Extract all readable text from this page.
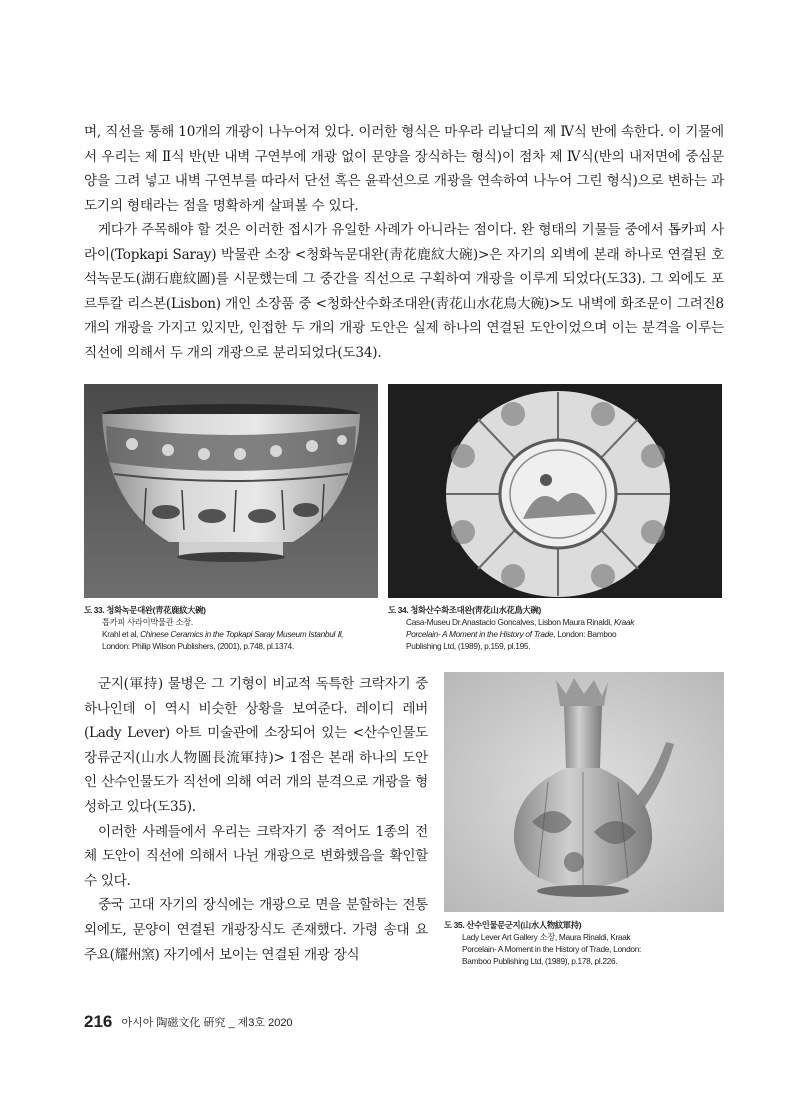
며, 직선을 통해 10개의 개광이 나누어져 있다. 이러한 형식은 마우라 리날디의 제 Ⅳ식 반에 속한다. 이 기물에서 우리는 제 Ⅱ식 반(반 내벽 구연부에 개광 없이 문양을 장식하는 형식)이 점차 제 Ⅳ식(반의 내저면에 중심문양을 그려 넣고 내벽 구연부를 따라서 단선 혹은 윤곽선으로 개광을 연속하여 나누어 그린 형식)으로 변하는 과도기의 형태라는 점을 명확하게 살펴볼 수 있다.

게다가 주목해야 할 것은 이러한 접시가 유일한 사례가 아니라는 점이다. 완 형태의 기물들 중에서 톱카피 사라이(Topkapi Saray) 박물관 소장 <청화녹문대완(靑花鹿紋大碗)>은 자기의 외벽에 본래 하나로 연결된 호석녹문도(湖石鹿紋圖)를 시문했는데 그 중간을 직선으로 구획하여 개광을 이루게 되었다(도33). 그 외에도 포르투칼 리스본(Lisbon) 개인 소장품 중 <청화산수화조대완(靑花山水花鳥大碗)>도 내벽에 화조문이 그려진8개의 개광을 가지고 있지만, 인접한 두 개의 개광 도안은 실제 하나의 연결된 도안이었으며 이는 분격을 이루는 직선에 의해서 두 개의 개광으로 분리되었다(도34).

도 33. 청화녹문대완(靑花鹿紋大碗)
톱카피 사라이박물관 소장.
Krahl et al, Chinese Ceramics in the Topkapi Saray Museum Istanbul Ⅱ,
London: Philip Wilson Publishers, (2001), p.748, pl.1374.
도 34. 청화산수화조대완(靑花山水花鳥大碗)
Casa-Museu Dr.Anastacio Goncalves, Lisbon Maura Rinaldi, Kraak
Porcelain- A Moment in the History of Trade, London: Bamboo
Publishing Ltd, (1989), p.159, pl.195.

군지(軍持) 물병은 그 기형이 비교적 독특한 크락자기 중 하나인데 이 역시 비슷한 상황을 보여준다. 레이디 레버(Lady Lever) 아트 미술관에 소장되어 있는 <산수인물도장류군지(山水人物圖長流軍持)> 1점은 본래 하나의 도안인 산수인물도가 직선에 의해 여러 개의 분격으로 개광을 형성하고 있다(도35).

이러한 사례들에서 우리는 크락자기 중 적어도 1종의 전체 도안이 직선에 의해서 나뉜 개광으로 변화했음을 확인할 수 있다.

중국 고대 자기의 장식에는 개광으로 면을 분할하는 전통 외에도, 문양이 연결된 개광장식도 존재했다. 가령 송대 요주요(耀州窯) 자기에서 보이는 연결된 개광 장식

도 35. 산수인물문군지(山水人物紋軍持)
Lady Lever Art Gallery 소장, Maura Rinaldi, Kraak
Porcelain- A Moment in the History of Trade, London:
Bamboo Publishing Ltd, (1989), p.178, pl.226.
216 아시아 陶磁文化 硏究 _ 제3호 2020
